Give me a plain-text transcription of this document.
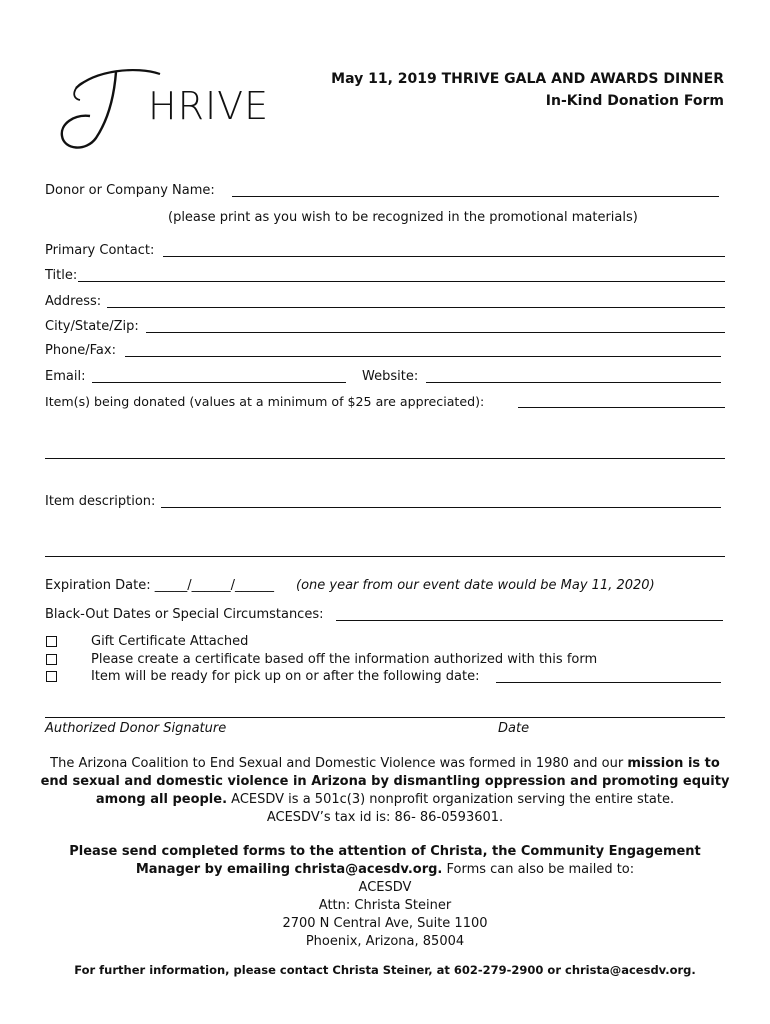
HRIVE
May 11, 2019 THRIVE GALA AND AWARDS DINNER
In-Kind Donation Form
Donor or Company Name:
(please print as you wish to be recognized in the promotional materials)
Primary Contact:
Title:
Address:
City/State/Zip:
Phone/Fax:
Email:	Website:
Item(s) being donated (values at a minimum of $25 are appreciated):
Item description:
Expiration Date: _____/______/______ (one year from our event date would be May 11, 2020)
Black-Out Dates or Special Circumstances:
Gift Certificate Attached
Please create a certificate based off the information authorized with this form
Item will be ready for pick up on or after the following date:
Authorized Donor Signature	Date
The Arizona Coalition to End Sexual and Domestic Violence was formed in 1980 and our mission is to end sexual and domestic violence in Arizona by dismantling oppression and promoting equity among all people. ACESDV is a 501c(3) nonprofit organization serving the entire state.
ACESDV’s tax id is: 86- 86-0593601.
Please send completed forms to the attention of Christa, the Community Engagement Manager by emailing christa@acesdv.org. Forms can also be mailed to:
ACESDV
Attn: Christa Steiner
2700 N Central Ave, Suite 1100
Phoenix, Arizona, 85004
For further information, please contact Christa Steiner, at 602-279-2900 or christa@acesdv.org.
